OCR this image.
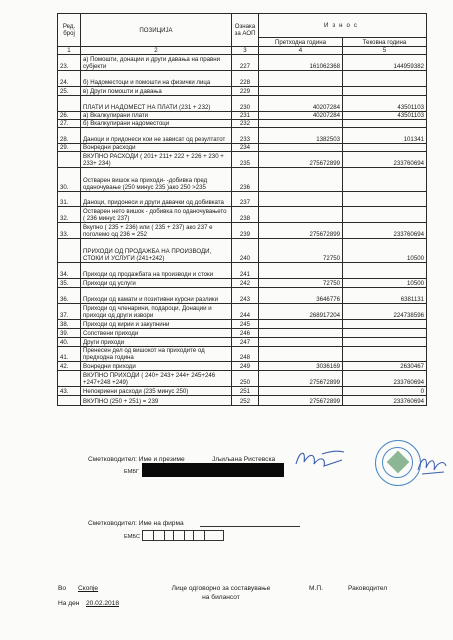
Ред. број	ПОЗИЦИЈА	Ознака за АОП	Износ	
			Претходна година	Тековна година
1	2	3	4	5
23.	а) Помошти, донации и други давања на правни субјекти	227	161062368	144959382
24.	б) Надоместоци и помошти на физички лица	228		
25.	в) Други помошти и давања	229		
	ПЛАТИ И НАДОМЕСТ НА ПЛАТИ (231 + 232)	230	40207284	43501103
26.	а) Вкалкулирани плати	231	40207284	43501103
27.	б) Вкалкулирани надоместоци	232		
28.	Даноци и придонеси кои не зависат од резултатот	233	1382503	101341
29.	Вонредни расходи	234		
	ВКУПНО РАСХОДИ ( 201+ 211+ 222 + 226 + 230 + 233+ 234)	235	275672899	233760694
30.	Остварен вишок на приходи- -добивка пред оданочување (250 минус 235 )ако 250 >235	236		
31.	Даноци, придонеси и други давачки од добивката	237		
32.	Остварен нето вишок - добивка по оданочувањето ( 236 минус 237)	238		
33.	Вкупно ( 235 + 236) или ( 235 + 237) ако 237 е поголемо од 236 = 252	239	275672899	233760694
	ПРИХОДИ ОД ПРОДАЖБА НА ПРОИЗВОДИ, СТОКИ И УСЛУГИ (241+242)	240	72750	10500
34.	Приходи од продажбата на производи и стоки	241		
35.	Приходи од услуги	242	72750	10500
36.	Приходи од камати и позитивни курсни разлики	243	3646776	6381131
37.	Приходи од членарини, подароци, Донации и приходи од други извори	244	268917204	224738596
38.	Приходи од кирии и закупнини	245		
39.	Сопствени приходи	246		
40.	Други приходи	247		
41.	Пренесен дел од вишокот на приходите од предходна година	248		
42.	Вонредни приходи	249	3036169	2630467
	ВКУПНО ПРИХОДИ ( 240+ 243+ 244+ 245+246 +247+248 +249)	250	275672899	233760694
43.	Непокриени расходи (235 минус 250)	251		0
	ВКУПНО (250 + 251) = 239	252	275672899	233760694
Сметководител: Име и презиме	Јљиљана Ристевска
ЕМБГ
Сметководител: Име на фирма
ЕМБС
Во Скопје
На ден 20.02.2018
Лице одговорно за составување на билансот
М.П.	Раководител
